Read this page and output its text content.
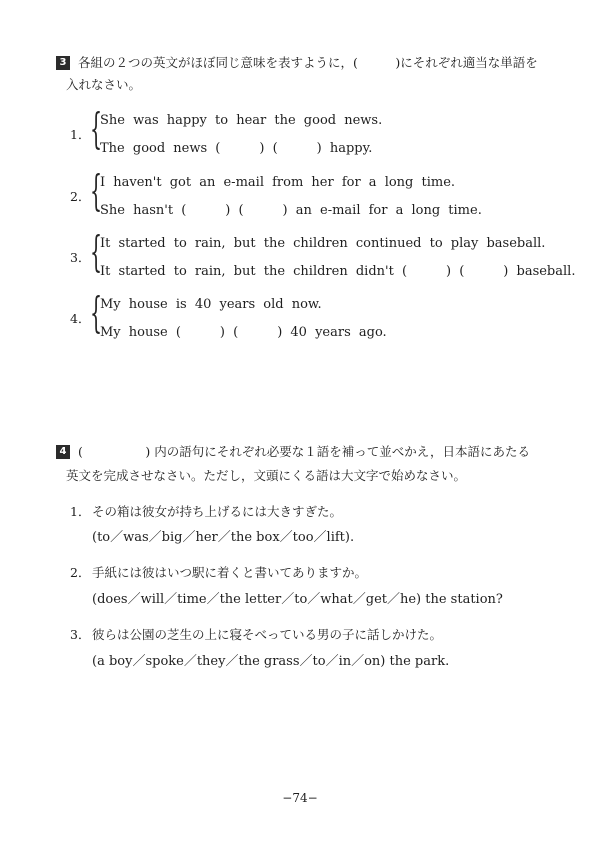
3 各組の２つの英文がほぼ同じ意味を表すように，(　　　)にそれぞれ適当な単語を
入れなさい。
1． {
She was happy to hear the good news.
The good news (　　　) (　　　) happy.
2． {
I haven't got an e-mail from her for a long time.
She hasn't (　　　) (　　　) an e-mail for a long time.
3． {
It started to rain, but the children continued to play baseball.
It started to rain, but the children didn't (　　　) (　　　) baseball.
4． {
My house is 40 years old now.
My house (　　　) (　　　) 40 years ago.
4 (　　　　　) 内の語句にそれぞれ必要な１語を補って並べかえ，日本語にあたる
英文を完成させなさい。ただし，文頭にくる語は大文字で始めなさい。
1． その箱は彼女が持ち上げるには大きすぎた。
(to／was／big／her／the box／too／lift).
2． 手紙には彼はいつ駅に着くと書いてありますか。
(does／will／time／the letter／to／what／get／he) the station?
3． 彼らは公園の芝生の上に寝そべっている男の子に話しかけた。
(a boy／spoke／they／the grass／to／in／on) the park.
−74−
